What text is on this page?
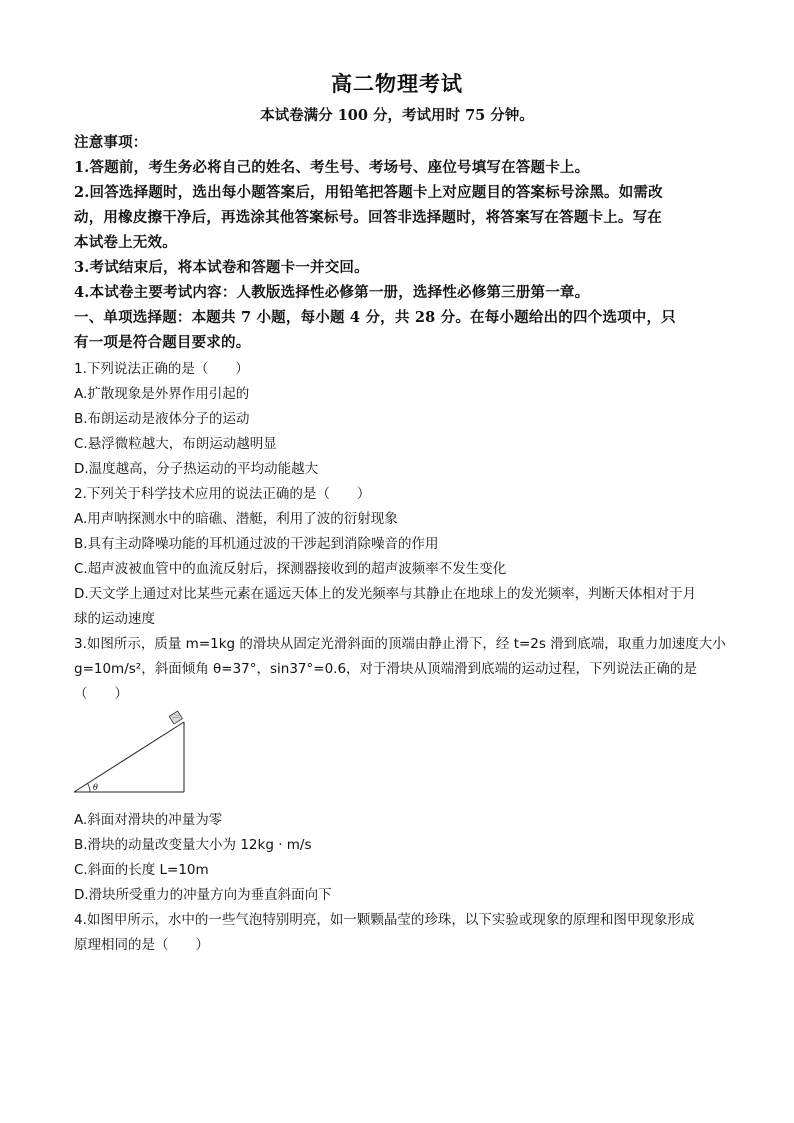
高二物理考试
本试卷满分 100 分，考试用时 75 分钟。
注意事项：
1.答题前，考生务必将自己的姓名、考生号、考场号、座位号填写在答题卡上。
2.回答选择题时，选出每小题答案后，用铅笔把答题卡上对应题目的答案标号涂黑。如需改
动，用橡皮擦干净后，再选涂其他答案标号。回答非选择题时，将答案写在答题卡上。写在
本试卷上无效。
3.考试结束后，将本试卷和答题卡一并交回。
4.本试卷主要考试内容：人教版选择性必修第一册，选择性必修第三册第一章。
一、单项选择题：本题共 7 小题，每小题 4 分，共 28 分。在每小题给出的四个选项中，只
有一项是符合题目要求的。
1.下列说法正确的是（　　）
A.扩散现象是外界作用引起的
B.布朗运动是液体分子的运动
C.悬浮微粒越大，布朗运动越明显
D.温度越高，分子热运动的平均动能越大
2.下列关于科学技术应用的说法正确的是（　　）
A.用声呐探测水中的暗礁、潜艇，利用了波的衍射现象
B.具有主动降噪功能的耳机通过波的干涉起到消除噪音的作用
C.超声波被血管中的血流反射后，探测器接收到的超声波频率不发生变化
D.天文学上通过对比某些元素在遥远天体上的发光频率与其静止在地球上的发光频率，判断天体相对于月
球的运动速度
3.如图所示，质量 m=1kg 的滑块从固定光滑斜面的顶端由静止滑下，经 t=2s 滑到底端，取重力加速度大小
g=10m/s²，斜面倾角 θ=37°，sin37°=0.6，对于滑块从顶端滑到底端的运动过程，下列说法正确的是
（　　）
θ
A.斜面对滑块的冲量为零
B.滑块的动量改变量大小为 12kg · m/s
C.斜面的长度 L=10m
D.滑块所受重力的冲量方向为垂直斜面向下
4.如图甲所示，水中的一些气泡特别明亮，如一颗颗晶莹的珍珠，以下实验或现象的原理和图甲现象形成
原理相同的是（　　）
